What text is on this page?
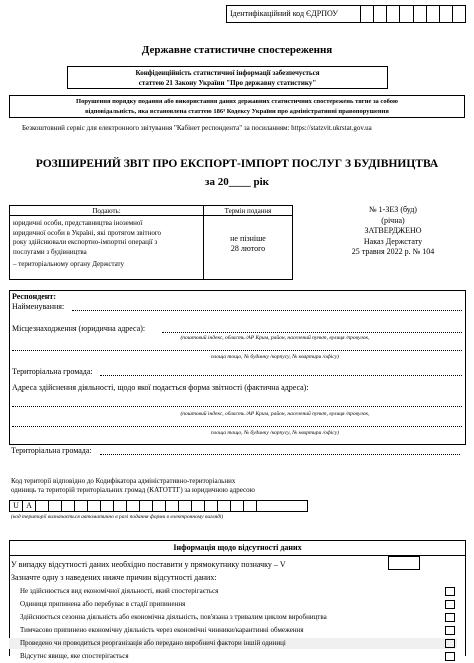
Ідентифікаційний код ЄДРПОУ
Державне статистичне спостереження
Конфіденційність статистичної інформації забезпечується
статтею 21 Закону України "Про державну статистику"
Порушення порядку подання або використання даних державних статистичних спостережень тягне за собою
відповідальність, яка встановлена статтею 186³ Кодексу України про адміністративні правопорушення
Безкоштовний сервіс для електронного звітування "Кабінет респондента" за посиланням: https://statzvit.ukrstat.gov.ua
РОЗШИРЕНИЙ ЗВІТ ПРО ЕКСПОРТ-ІМПОРТ ПОСЛУГ З БУДІВНИЦТВА
за 20____ рік
Подають:	Термін подання
юридичні особи, представництва іноземної
юридичної особи в Україні, які протягом звітного
року здійснювали експортно-імпортні операції з
послугами з будівництва
– територіальному органу Держстату
не пізніше
28 лютого
№ 1-ЗЕЗ (буд)
(річна)
ЗАТВЕРДЖЕНО
Наказ Держстату
25 травня 2022 р. № 104
Респондент:
Найменування:
Місцезнаходження (юридична адреса):
(поштовий індекс, область /АР Крим, район, населений пункт, вулиця /провулок,
площа тощо, № будинку /корпусу, № квартири /офісу)
Територіальна громада:
Адреса здійснення діяльності, щодо якої подається форма звітності (фактична адреса):
(поштовий індекс, область /АР Крим, район, населений пункт, вулиця /провулок,
площа тощо, № будинку /корпусу, № квартири /офісу)
Територіальна громада:
Код території відповідно до Кодифікатора адміністративно-територіальних
одиниць та територій територіальних громад (КАТОТТГ) за юридичною адресою
U A
(код території визначається автоматично в разі подання форми в електронному вигляді)
Інформація щодо відсутності даних
У випадку відсутності даних необхідно поставити у прямокутнику позначку – V
Зазначте одну з наведених нижче причин відсутності даних:
Не здійснюється вид економічної діяльності, який спостерігається
Одиниця припинена або перебуває в стадії припинення
Здійснюється сезонна діяльність або економічна діяльність, пов'язана з тривалим циклом виробництва
Тимчасово припинено економічну діяльність через економічні чинники/карантинні обмеження
Проведено чи проводиться реорганізація або передано виробничі фактори іншій одиниці
Відсутнє явище, яке спостерігається
